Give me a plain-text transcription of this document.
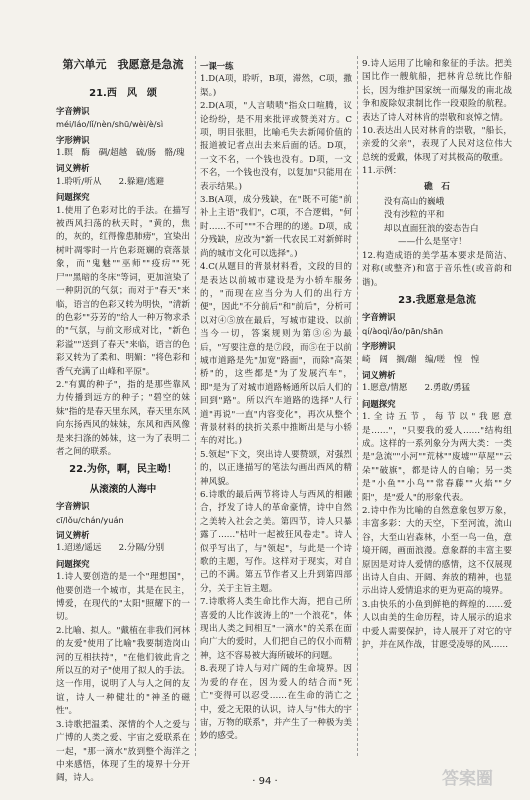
第六单元　我愿意是急流
21.西　风　颂
字音辨识
méi/láo/lǐ/nèn/shū/wèi/è/sì
字形辨识
1.瞑　酶　碉/超越　硫/肠　骼/瑰
词义辨析
1.聆听/听从　　2.躲避/逃避
问题探究
1.使用了色彩对比的手法。在描写被西风扫荡的秋天时，"黄的，焦的，灰的，红得像患肺痨"，宜染出树叶凋零时一片色彩斑斓的衰落景象，而"鬼魅""巫师""疫疠""死尸""黑暗的冬床"等词，更加渲染了一种阴沉的气氛；而对于"春天"来临，语言的色彩又转为明快，"清新的色彩""芬芳的"给人一种万物求杀的"气氛，与前文形成对比，"新色彩溢""送到了春天"来临，语言的色彩又转为了柔和、明媚："将色彩和香气充满了山峰和平原"。
2."有翼的种子"，指的是那些靠风力传播到远方的种子；"碧空的妹妹"指的是春天里东风，春天里东风向东扬西风的妹妹，东风和西风像是来扫涤的姊妹，这一为了表明二者之间的联系。
22.为你，啊，民主呦！
从滚滚的人海中
字音辨识
cī/lǒu/chán/yuán
词义辨析
1.迢递/遥远　　2.分隔/分别
问题探究
1.诗人要创造的是一个"理想国"，他要创造一个城市，其是在民主，博爱，在现代的"太阳"照耀下的一切。
2.比喻、拟人。"戴植在非我们河林的友爱"使用了比喻"我要制造岗山河的互相扶持"，"在他们彼此肯之所以互的对子"使用了拟人的手法。这一作用，说明了人与人之间的友谊，诗人一种健壮的"神圣的磁性"。
3.诗歌把温柔、深情的个人之爱与广博的人类之爱、宇宙之爱联系在一起，"那一滴水"放到整个海洋之中来感悟，体现了生的境界十分开阔，诗人。
一课一练
1.D(A项，聆听，B项，滞然，C项，撒渠。)
2.D(A项，"人言啧啧"指众口喧腾，议论纷纷，是不用来批评或赞美对方。C项，明目张胆，比喻毛失去新闻价值的报道被记者点出去来后面的话。D项，一文不名，一个钱也没有。D项，一文不名，一个钱也没有，以复加"只能用在表示结果。)
3.B(A项，成分残缺，在"既不可能"前补上主语"我们"，C项，不合逻辑，"何时……不可"""不合理的的递。D项，成分残缺，应改为"新一代农民工对新鲜时尚的城市文化可以选择"。)
4.C(从题目的背景材料看，文段的目的是表达以前城市建设是为小轿车服务的，"而现在应当分为人们的出行方便"，因此"不分前后"和"前后"，分析可以对④⑤放在最后，写城市建设、以前当今一切，答案规则为第③⑥为最后，"写要注意的是⑦段，而⑤在于以前城市道路是先"加宽"路面"，而除"高架桥"的，这些都是"为了发展汽车"，即"是为了对城市道路畅通所以后人们的回到"路"。所以汽车道路的选择"人行道"再说"一直"内容变化"，再次从整个背景材料的抉折关系中推断出是与小轿车的对比。)
5.领起"下文，突出诗人要赞颂，对强烈的，以正逢描写的笔法勾画出西风的精神风貌。
6.诗歌的最后两节将诗人与西风的相融合，抒发了诗人的革命豪情，诗中自然之美转入社会之美。第四节，诗人只暴露了……"枯叶一起被狂风卷走"。诗人似乎写出了，与"领起"，与此是一个诗歌的主题，写作。这样对于现实，对自己的不满。第五节作者又上升到第四部分，关于主旨主题。
7.诗歌将人类生命比作大海，把自己所喜爱的人比作波涛上的"一个浪花"，体现出人类之间相互"一滴水"的关系在面向广大的爱时，人们把自己的仅小而精神，这不容易被大海所破坏的问题。
8.表现了诗人与对广阔的生命境界。因为爱的存在，因为爱人的结合而"死亡"变得可以忍受……在生命的消亡之中，爱之无限的认识，诗人与"伟大的宇宙，万物的联系"，并产生了一种极为美妙的感受。
9.诗人运用了比喻和象征的手法。把美国比作一艘航船，把林肯总统比作船长，因为维护国家统一而爆发的南北战争和废除奴隶制比作一段艰险的航程。表达了诗人对林肯的崇敬和哀悼之情。
10.表达出人民对林肯的崇敬，"船长，亲爱的父亲"，表现了人民对这位伟大总统的爱戴，体现了对其极高的敬重。
11.示例：
礁　石
没有高山的巍峨
没有沙粒的平和
却以直面狂浪的姿态告白
——什么是坚守！
12.构造成语的美学基本要求是简洁、对称(或整齐)和富于音乐性(或音韵和谐)。
23.我愿意是急流
字音辨识
qí/àoqì/ǎo/pān/shān
字形辨识
崎　阔　搁/蹦　编/嗟　惶　惶
词义辨析
1.愿意/情愿　　2.勇敢/勇猛
问题探究
1.全诗五节，每节以"我愿意是……"，"只要我的爱人……"结构组成。这样的一系列象分为两大类：一类是"急流""小河""荒林""废墟""草屋""云朵""破旗"，都是诗人的自喻；另一类是"小鱼""小鸟""常春藤""火焰""夕阳"，是"爱人"的形象代表。
2.诗中作为比喻的自然意象包罗万象，丰富多彩：大的天空，下至河流，流山谷，大至山岩森林，小至一鸟一鱼，意境开阔，画面浪漫。意象群的丰富主要原因是对诗人爱情的感情，这不仅展现出诗人自由、开阔、奔放的精神，也显示出诗人爱情追求的更为更高的境界。
3.由快乐的小鱼到鲜艳的辉煌的……爱人以由美的生命历程，诗人展示的追求中爱人需要保护，诗人展开了对它的守护，并在风作战，甘愿受凌辱的风……
· 94 ·	答案圈
